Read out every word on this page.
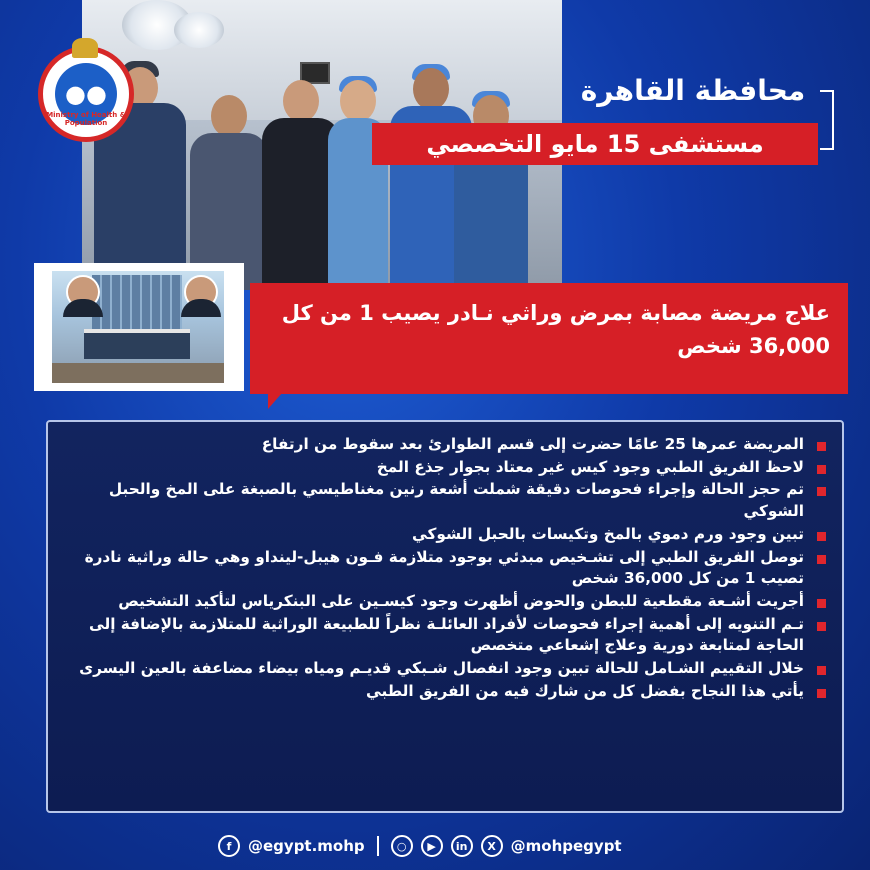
●●
Ministry of Health & Population
محافظة القاهرة
مستشفى 15 مايو التخصصي
علاج مريضة مصابة بمرض وراثي نـادر يصيب 1 من كل
36,000 شخص
المريضة عمرها 25 عامًا حضرت إلى قسم الطوارئ بعد سقوط من ارتفاع
لاحظ الفريق الطبي وجود كيس غير معتاد بجوار جذع المخ
تم حجز الحالة وإجراء فحوصات دقيقة شملت أشعة رنين مغناطيسي بالصبغة على المخ والحبل الشوكي
تبين وجود ورم دموي بالمخ وتكيسات بالحبل الشوكي
توصل الفريق الطبي إلى تشـخيص مبدئي بوجود متلازمة فـون هيبل-لينداو وهي حالة وراثية نادرة تصيب 1 من كل 36,000 شخص
أجريت أشـعة مقطعية للبطن والحوض أظهرت وجود كيسـين على البنكرياس لتأكيد التشخيص
تـم التنويه إلى أهمية إجراء فحوصات لأفراد العائلـة نظراً للطبيعة الوراثية للمتلازمة بالإضافة إلى الحاجة لمتابعة دورية وعلاج إشعاعي متخصص
خلال التقييم الشـامل للحالة تبين وجود انفصال شـبكي قديـم ومياه بيضاء مضاعفة بالعين اليسرى
يأتي هذا النجاح بفضل كل من شارك فيه من الفريق الطبي
f	@egypt.mohp	○	▶	in	X @mohpegypt
